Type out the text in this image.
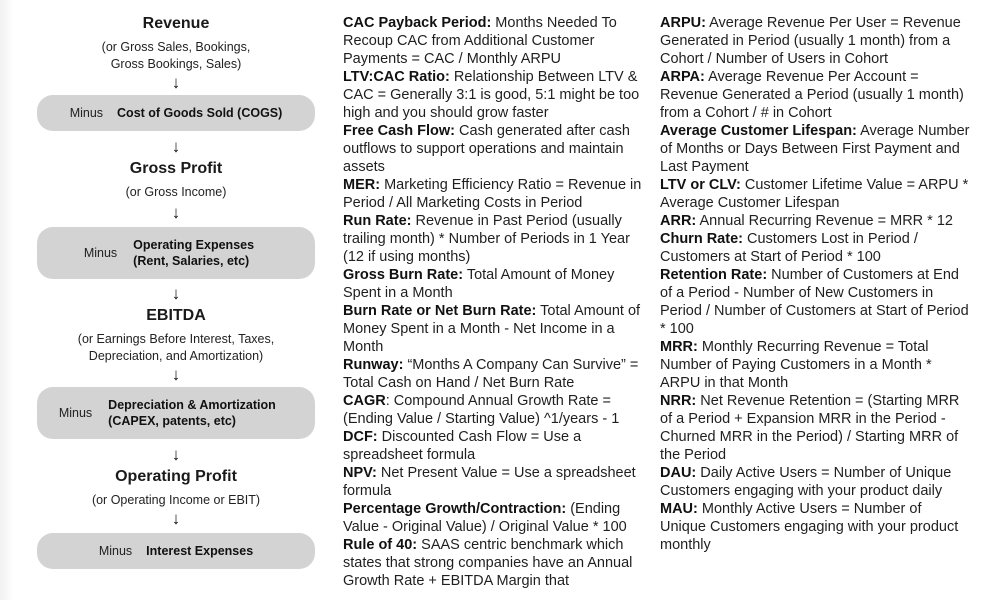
Revenue
(or Gross Sales, Bookings, Gross Bookings, Sales)
↓
Minus Cost of Goods Sold (COGS)
↓
Gross Profit
(or Gross Income)
↓
Minus
Operating Expenses (Rent, Salaries, etc)
↓
EBITDA
(or Earnings Before Interest, Taxes, Depreciation, and Amortization)
↓
Minus
Depreciation & Amortization (CAPEX, patents, etc)
↓
Operating Profit
(or Operating Income or EBIT)
↓
Minus Interest Expenses

CAC Payback Period: Months Needed To Recoup CAC from Additional Customer Payments = CAC / Monthly ARPU

LTV:CAC Ratio: Relationship Between LTV & CAC = Generally 3:1 is good, 5:1 might be too high and you should grow faster

Free Cash Flow: Cash generated after cash outflows to support operations and maintain assets

MER: Marketing Efficiency Ratio = Revenue in Period / All Marketing Costs in Period

Run Rate: Revenue in Past Period (usually trailing month) * Number of Periods in 1 Year (12 if using months)

Gross Burn Rate: Total Amount of Money Spent in a Month

Burn Rate or Net Burn Rate: Total Amount of Money Spent in a Month - Net Income in a Month

Runway: “Months A Company Can Survive” = Total Cash on Hand / Net Burn Rate

CAGR: Compound Annual Growth Rate = (Ending Value / Starting Value) ^1/years - 1

DCF: Discounted Cash Flow = Use a spreadsheet formula

NPV: Net Present Value = Use a spreadsheet formula

Percentage Growth/Contraction: (Ending Value - Original Value) / Original Value * 100

Rule of 40: SAAS centric benchmark which states that strong companies have an Annual Growth Rate + EBITDA Margin that

ARPU: Average Revenue Per User = Revenue Generated in Period (usually 1 month) from a Cohort / Number of Users in Cohort

ARPA: Average Revenue Per Account = Revenue Generated a Period (usually 1 month) from a Cohort / # in Cohort

Average Customer Lifespan: Average Number of Months or Days Between First Payment and Last Payment

LTV or CLV: Customer Lifetime Value = ARPU * Average Customer Lifespan

ARR: Annual Recurring Revenue = MRR * 12

Churn Rate: Customers Lost in Period / Customers at Start of Period * 100

Retention Rate: Number of Customers at End of a Period - Number of New Customers in Period / Number of Customers at Start of Period * 100

MRR: Monthly Recurring Revenue = Total Number of Paying Customers in a Month * ARPU in that Month

NRR: Net Revenue Retention = (Starting MRR of a Period + Expansion MRR in the Period - Churned MRR in the Period) / Starting MRR of the Period

DAU: Daily Active Users = Number of Unique Customers engaging with your product daily

MAU: Monthly Active Users = Number of Unique Customers engaging with your product monthly
